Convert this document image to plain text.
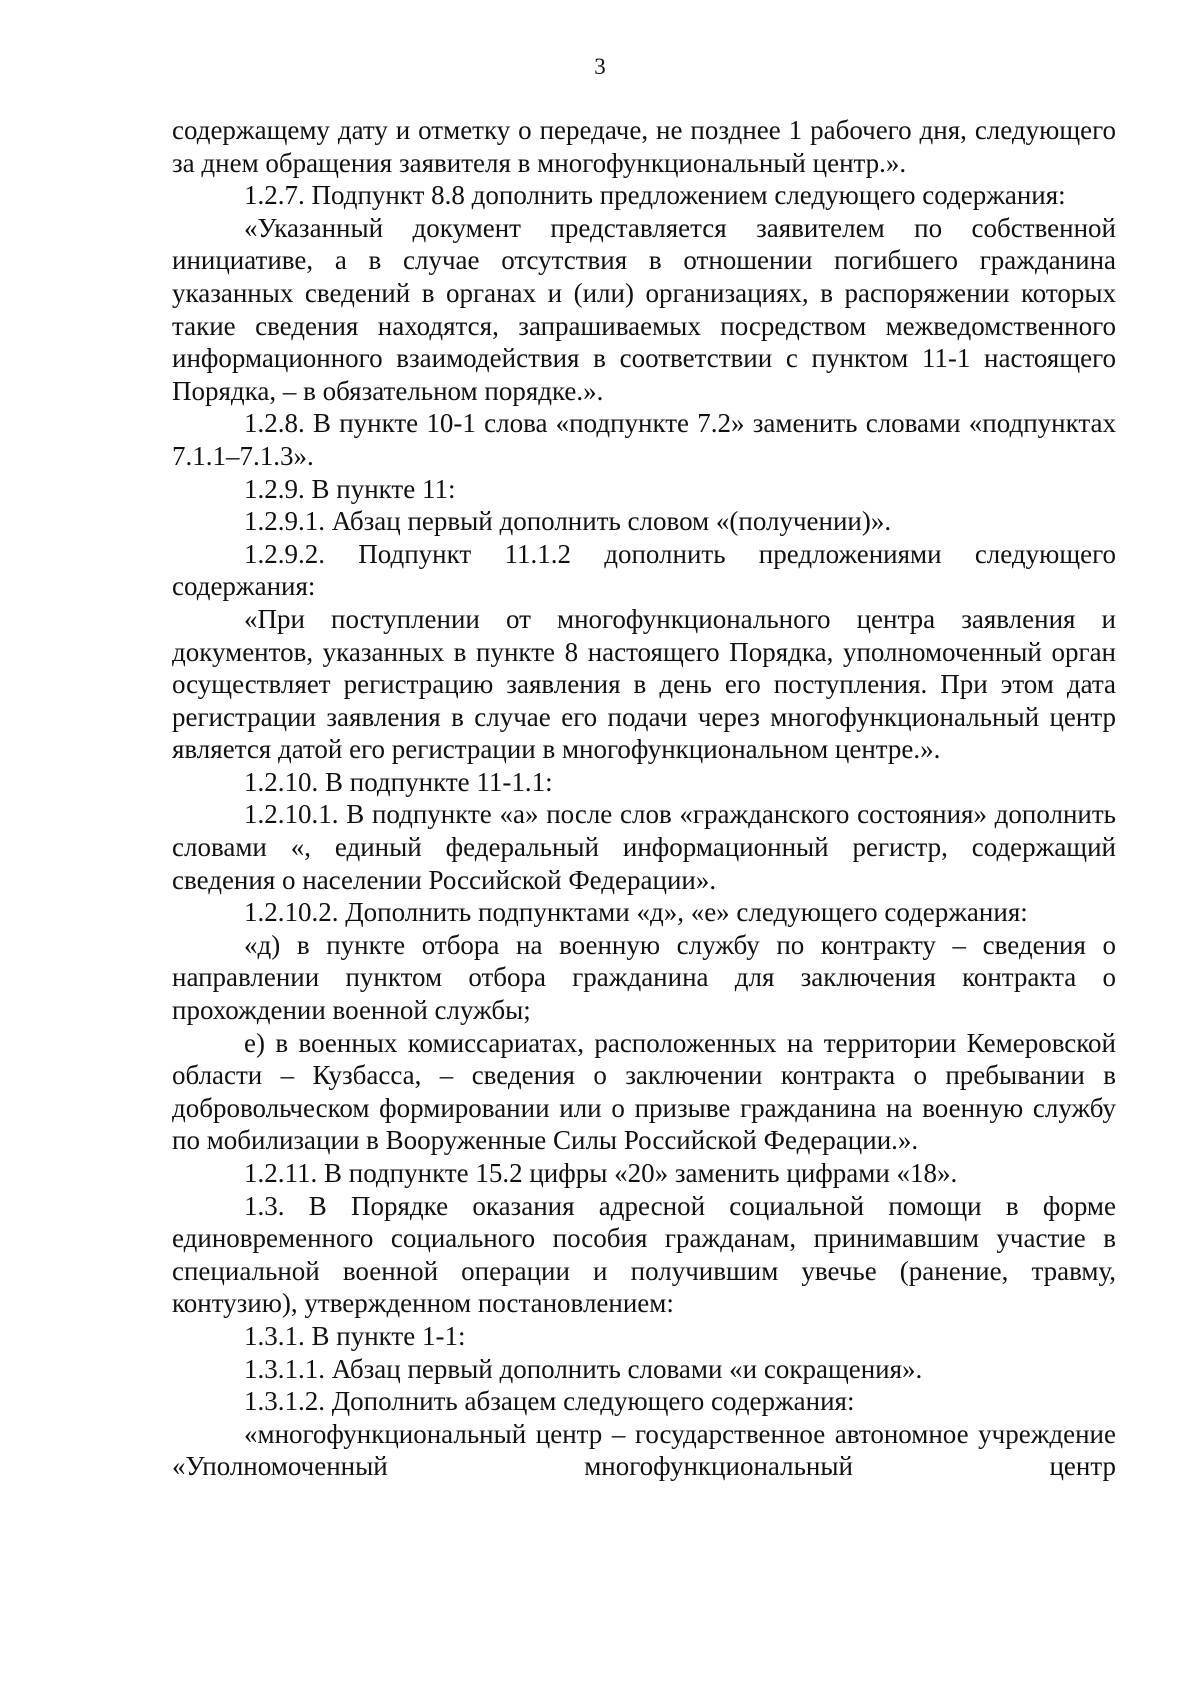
3

содержащему дату и отметку о передаче, не позднее 1 рабочего дня, следующего за днем обращения заявителя в многофункциональный центр.».

1.2.7. Подпункт 8.8 дополнить предложением следующего содержания:

«Указанный документ представляется заявителем по собственной инициативе, а в случае отсутствия в отношении погибшего гражданина указанных сведений в органах и (или) организациях, в распоряжении которых такие сведения находятся, запрашиваемых посредством межведомственного информационного взаимодействия в соответствии с пунктом 11-1 настоящего Порядка, – в обязательном порядке.».

1.2.8. В пункте 10-1 слова «подпункте 7.2» заменить словами «подпунктах 7.1.1–7.1.3».

1.2.9. В пункте 11:

1.2.9.1. Абзац первый дополнить словом «(получении)».

1.2.9.2. Подпункт 11.1.2 дополнить предложениями следующего содержания:

«При поступлении от многофункционального центра заявления и документов, указанных в пункте 8 настоящего Порядка, уполномоченный орган осуществляет регистрацию заявления в день его поступления. При этом дата регистрации заявления в случае его подачи через многофункциональный центр является датой его регистрации в многофункциональном центре.».

1.2.10. В подпункте 11-1.1:

1.2.10.1. В подпункте «а» после слов «гражданского состояния» дополнить словами «, единый федеральный информационный регистр, содержащий сведения о населении Российской Федерации».

1.2.10.2. Дополнить подпунктами «д», «е» следующего содержания:

«д) в пункте отбора на военную службу по контракту – сведения о направлении пунктом отбора гражданина для заключения контракта о прохождении военной службы;

е) в военных комиссариатах, расположенных на территории Кемеровской области – Кузбасса, – сведения о заключении контракта о пребывании в добровольческом формировании или о призыве гражданина на военную службу по мобилизации в Вооруженные Силы Российской Федерации.».

1.2.11. В подпункте 15.2 цифры «20» заменить цифрами «18».

1.3. В Порядке оказания адресной социальной помощи в форме единовременного социального пособия гражданам, принимавшим участие в специальной военной операции и получившим увечье (ранение, травму, контузию), утвержденном постановлением:

1.3.1. В пункте 1-1:

1.3.1.1. Абзац первый дополнить словами «и сокращения».

1.3.1.2. Дополнить абзацем следующего содержания:

«многофункциональный центр – государственное автономное учреждение «Уполномоченный многофункциональный центр
